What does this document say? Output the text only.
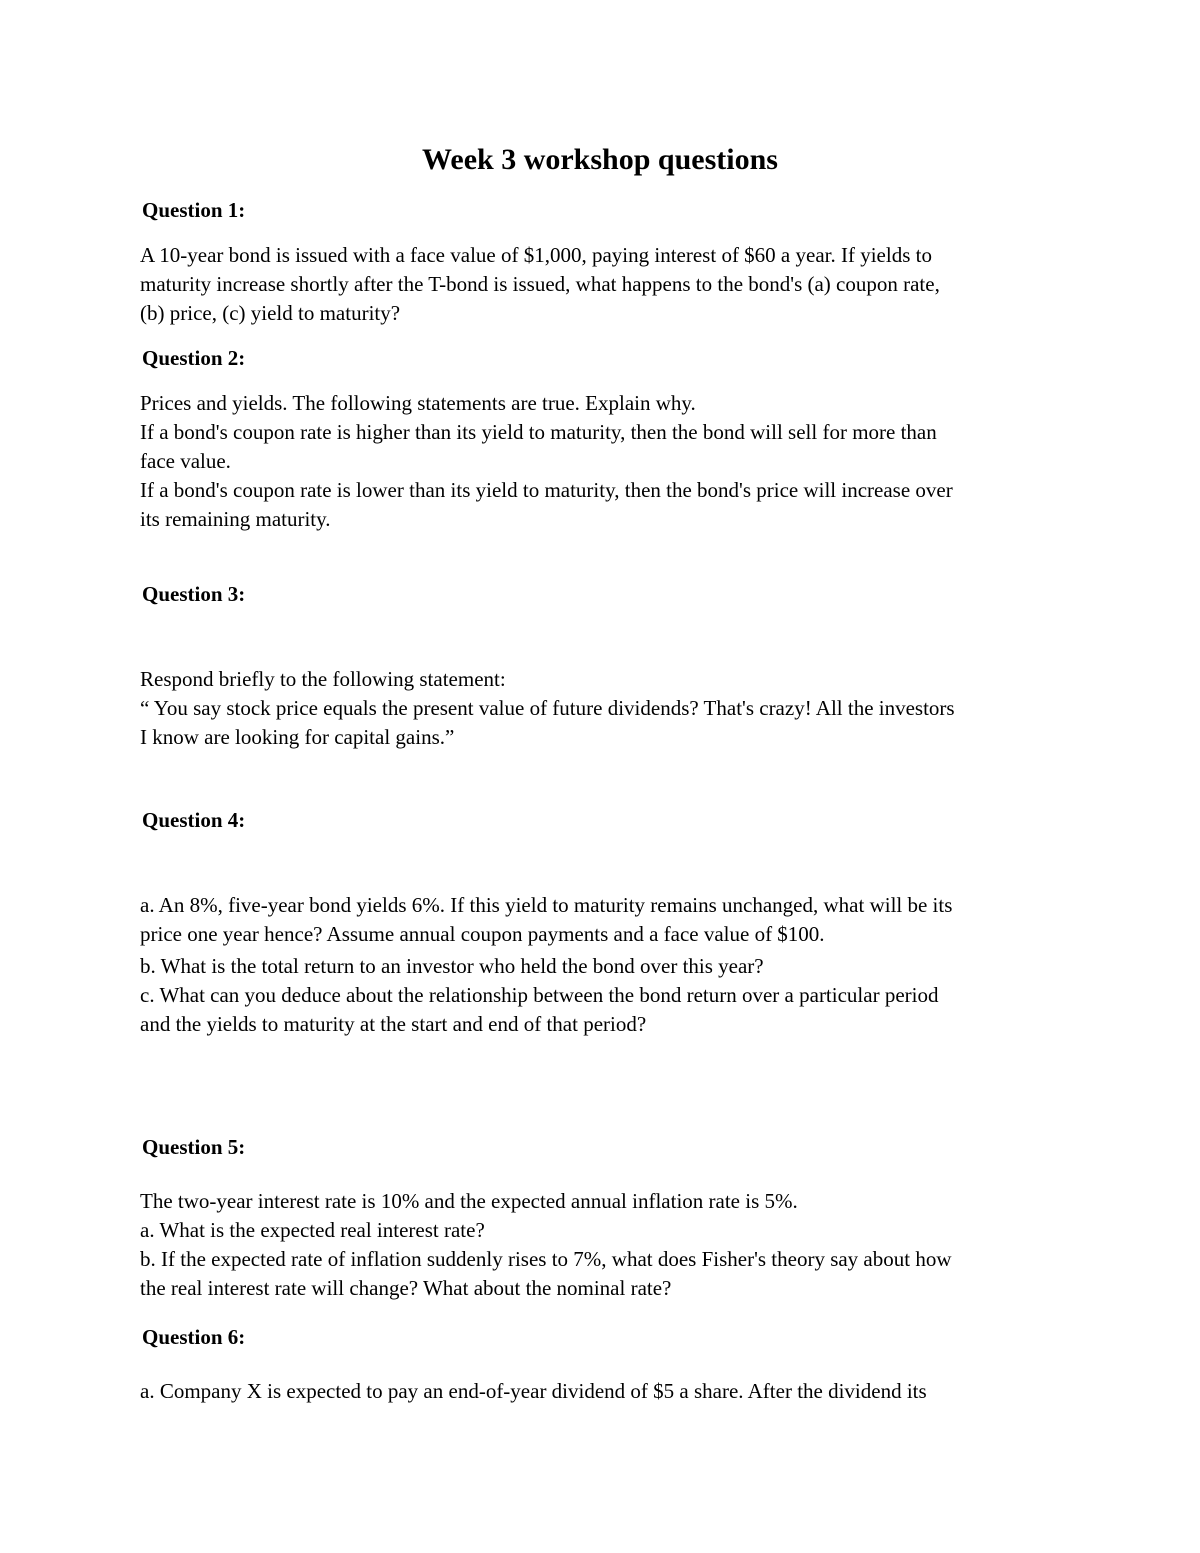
Week 3 workshop questions
Question 1:
A 10-year bond is issued with a face value of $1,000, paying interest of $60 a year. If yields to
maturity increase shortly after the T-bond is issued, what happens to the bond's (a) coupon rate,
(b) price, (c) yield to maturity?
Question 2:
Prices and yields. The following statements are true. Explain why.
If a bond's coupon rate is higher than its yield to maturity, then the bond will sell for more than
face value.
If a bond's coupon rate is lower than its yield to maturity, then the bond's price will increase over
its remaining maturity.
Question 3:
Respond briefly to the following statement:
“ You say stock price equals the present value of future dividends? That's crazy! All the investors
I know are looking for capital gains.”
Question 4:
a. An 8%, five-year bond yields 6%. If this yield to maturity remains unchanged, what will be its
price one year hence? Assume annual coupon payments and a face value of $100.
b. What is the total return to an investor who held the bond over this year?
c. What can you deduce about the relationship between the bond return over a particular period
and the yields to maturity at the start and end of that period?
Question 5:
The two-year interest rate is 10% and the expected annual inflation rate is 5%.
a. What is the expected real interest rate?
b. If the expected rate of inflation suddenly rises to 7%, what does Fisher's theory say about how
the real interest rate will change? What about the nominal rate?
Question 6:
a. Company X is expected to pay an end-of-year dividend of $5 a share. After the dividend its
